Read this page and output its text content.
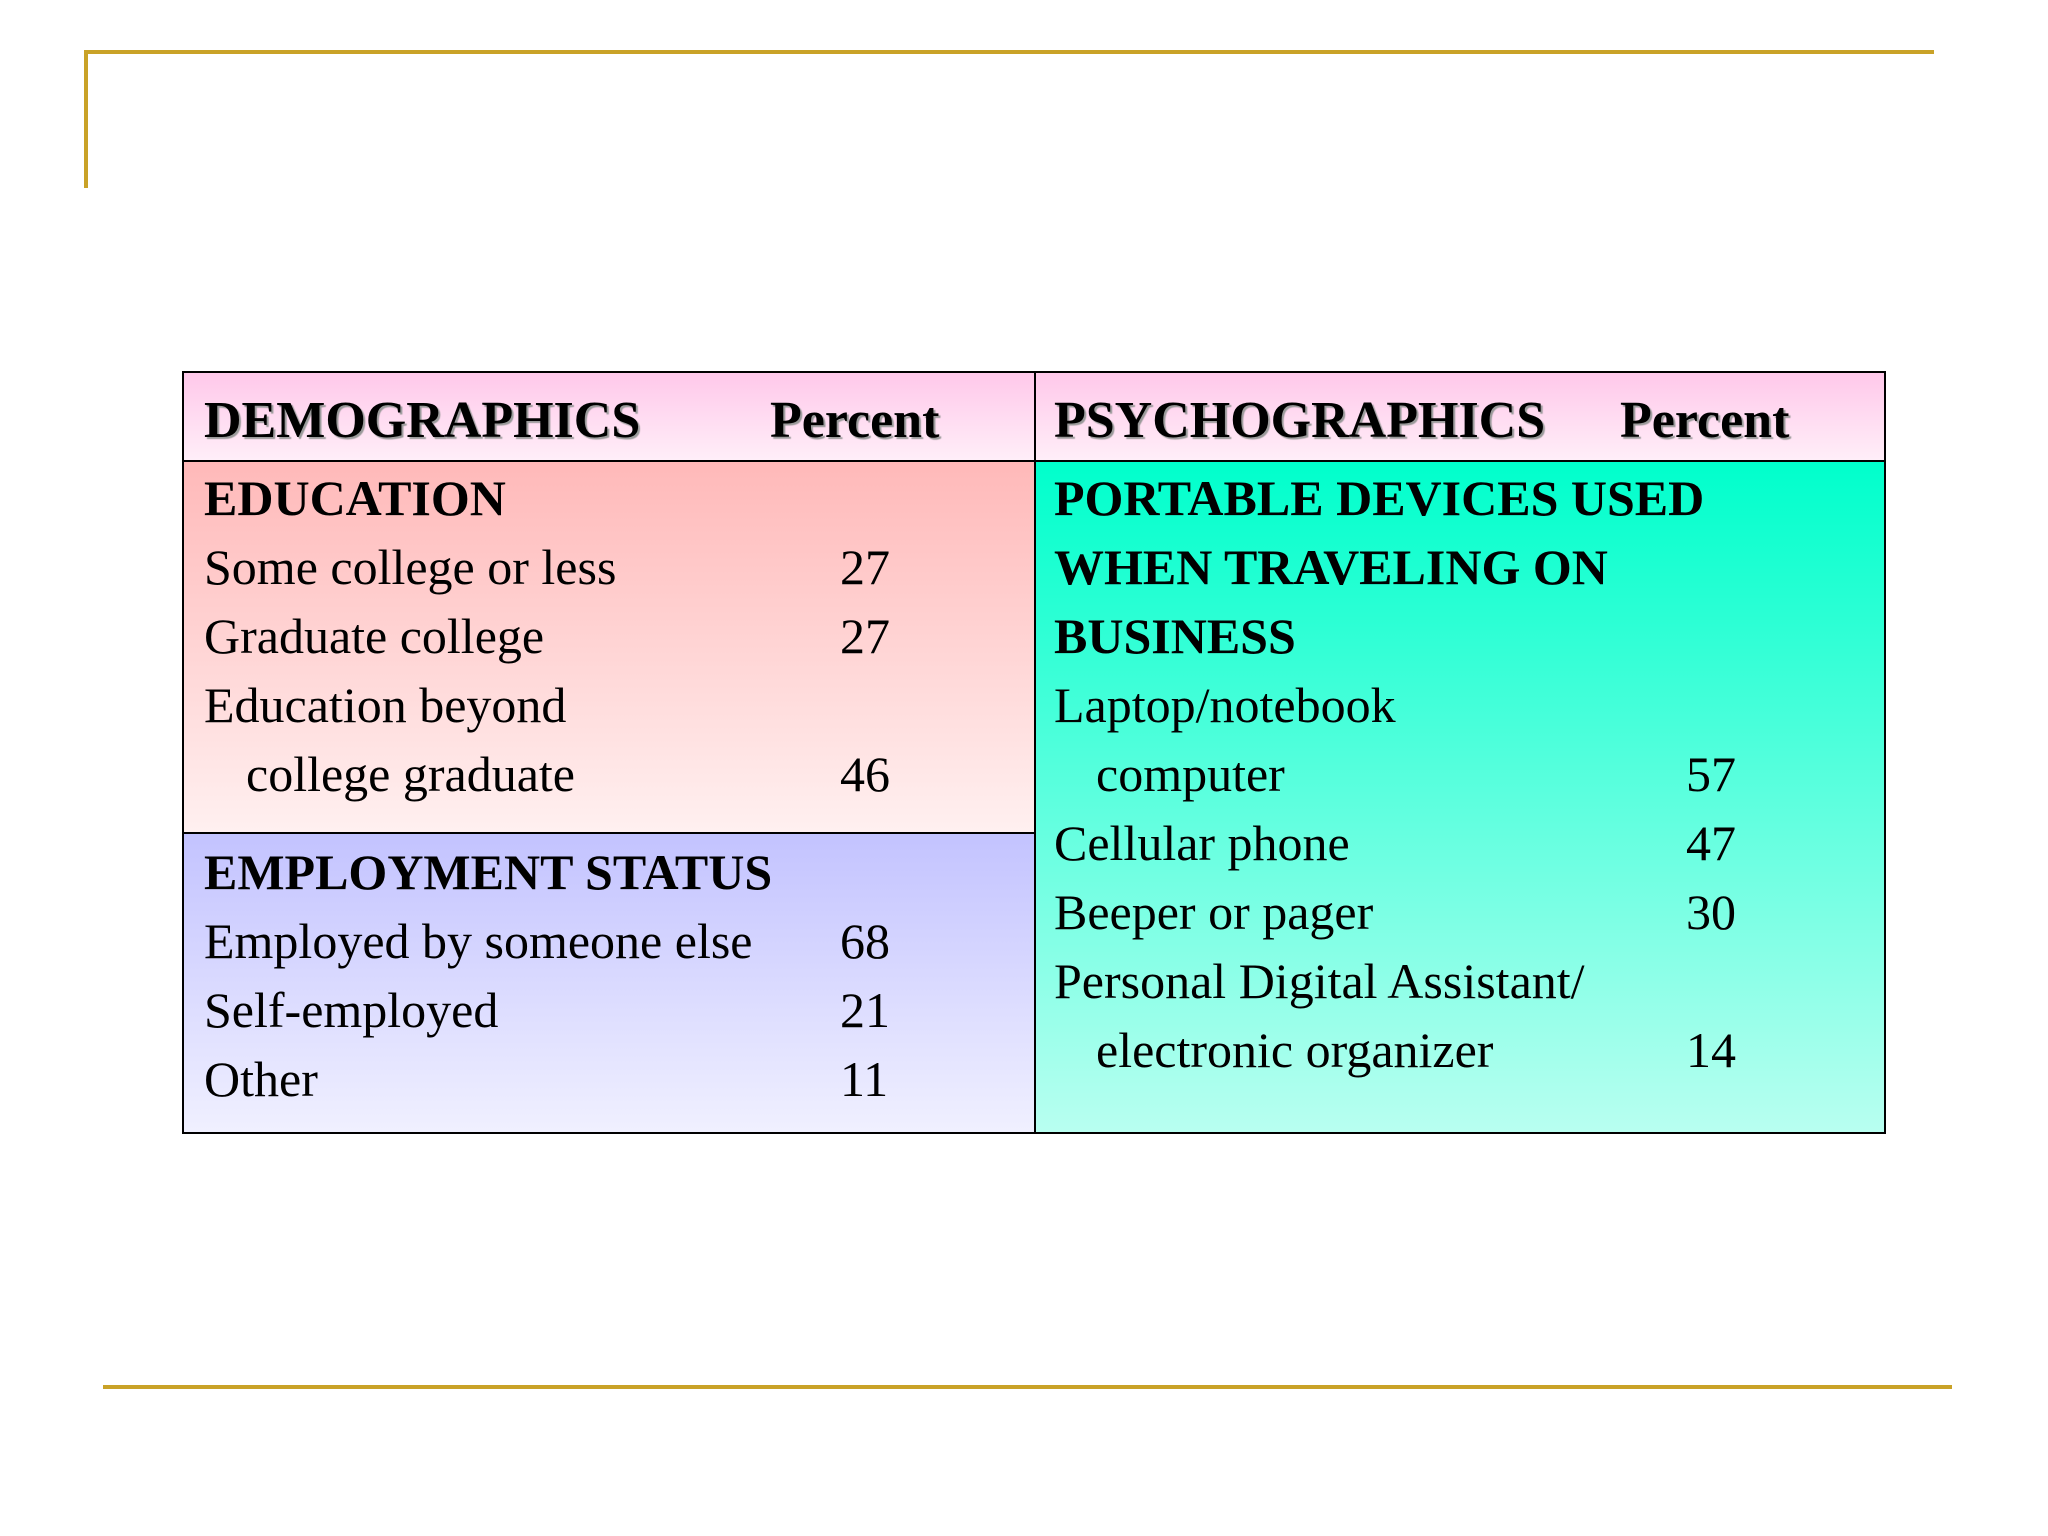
DEMOGRAPHICS Percent PSYCHOGRAPHICS Percent
EDUCATION
Some college or less	27
Graduate college	27
Education beyond
college graduate	46
EMPLOYMENT STATUS
Employed by someone else 68
Self-employed	21
Other	11
PORTABLE DEVICES USED
WHEN TRAVELING ON
BUSINESS
Laptop/notebook
computer	57
Cellular phone	47
Beeper or pager	30
Personal Digital Assistant/
electronic organizer	14
